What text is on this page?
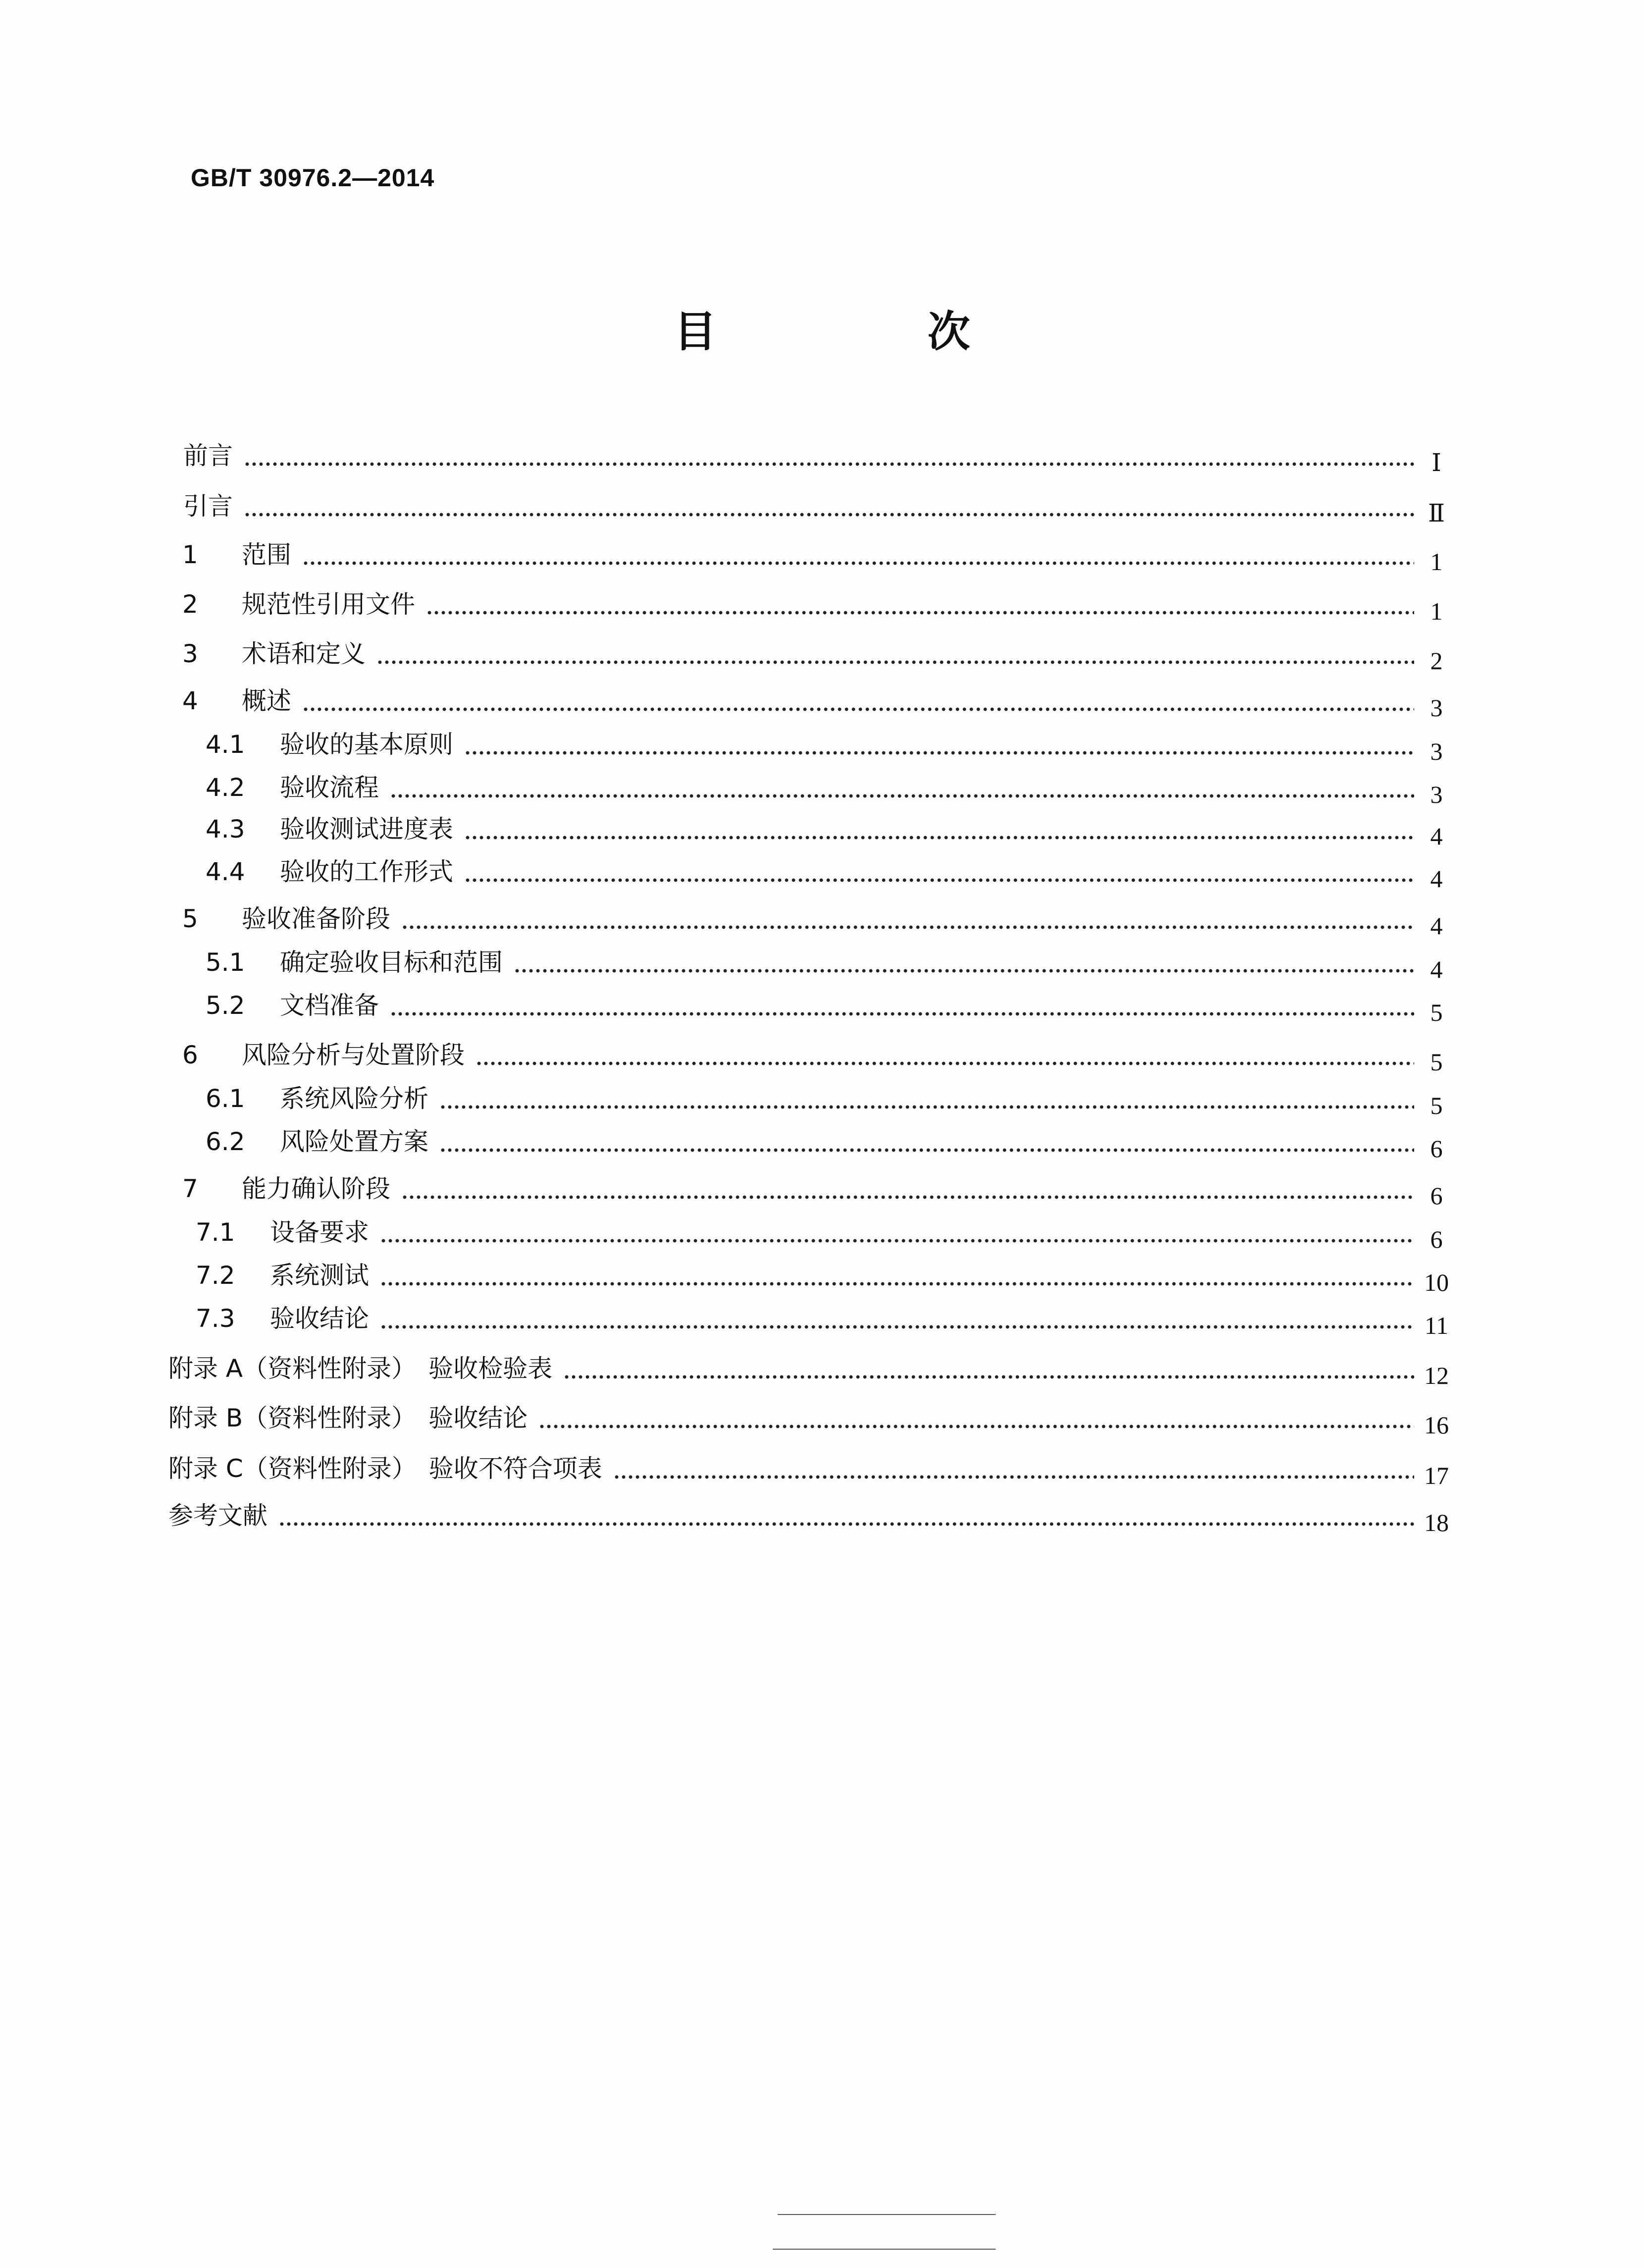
GB/T 30976.2—2014
目　次
前言	Ⅰ
引言	Ⅱ
1	范围	1
2	规范性引用文件	1
3	术语和定义	2
4	概述	3
4.1	验收的基本原则	3
4.2	验收流程	3
4.3	验收测试进度表	4
4.4	验收的工作形式	4
5	验收准备阶段	4
5.1	确定验收目标和范围	4
5.2	文档准备	5
6	风险分析与处置阶段	5
6.1	系统风险分析	5
6.2	风险处置方案	6
7	能力确认阶段	6
7.1	设备要求	6
7.2	系统测试	10
7.3	验收结论	11
附录 A（资料性附录）　验收检验表	12
附录 B（资料性附录）　验收结论	16
附录 C（资料性附录）　验收不符合项表	17
参考文献	18
